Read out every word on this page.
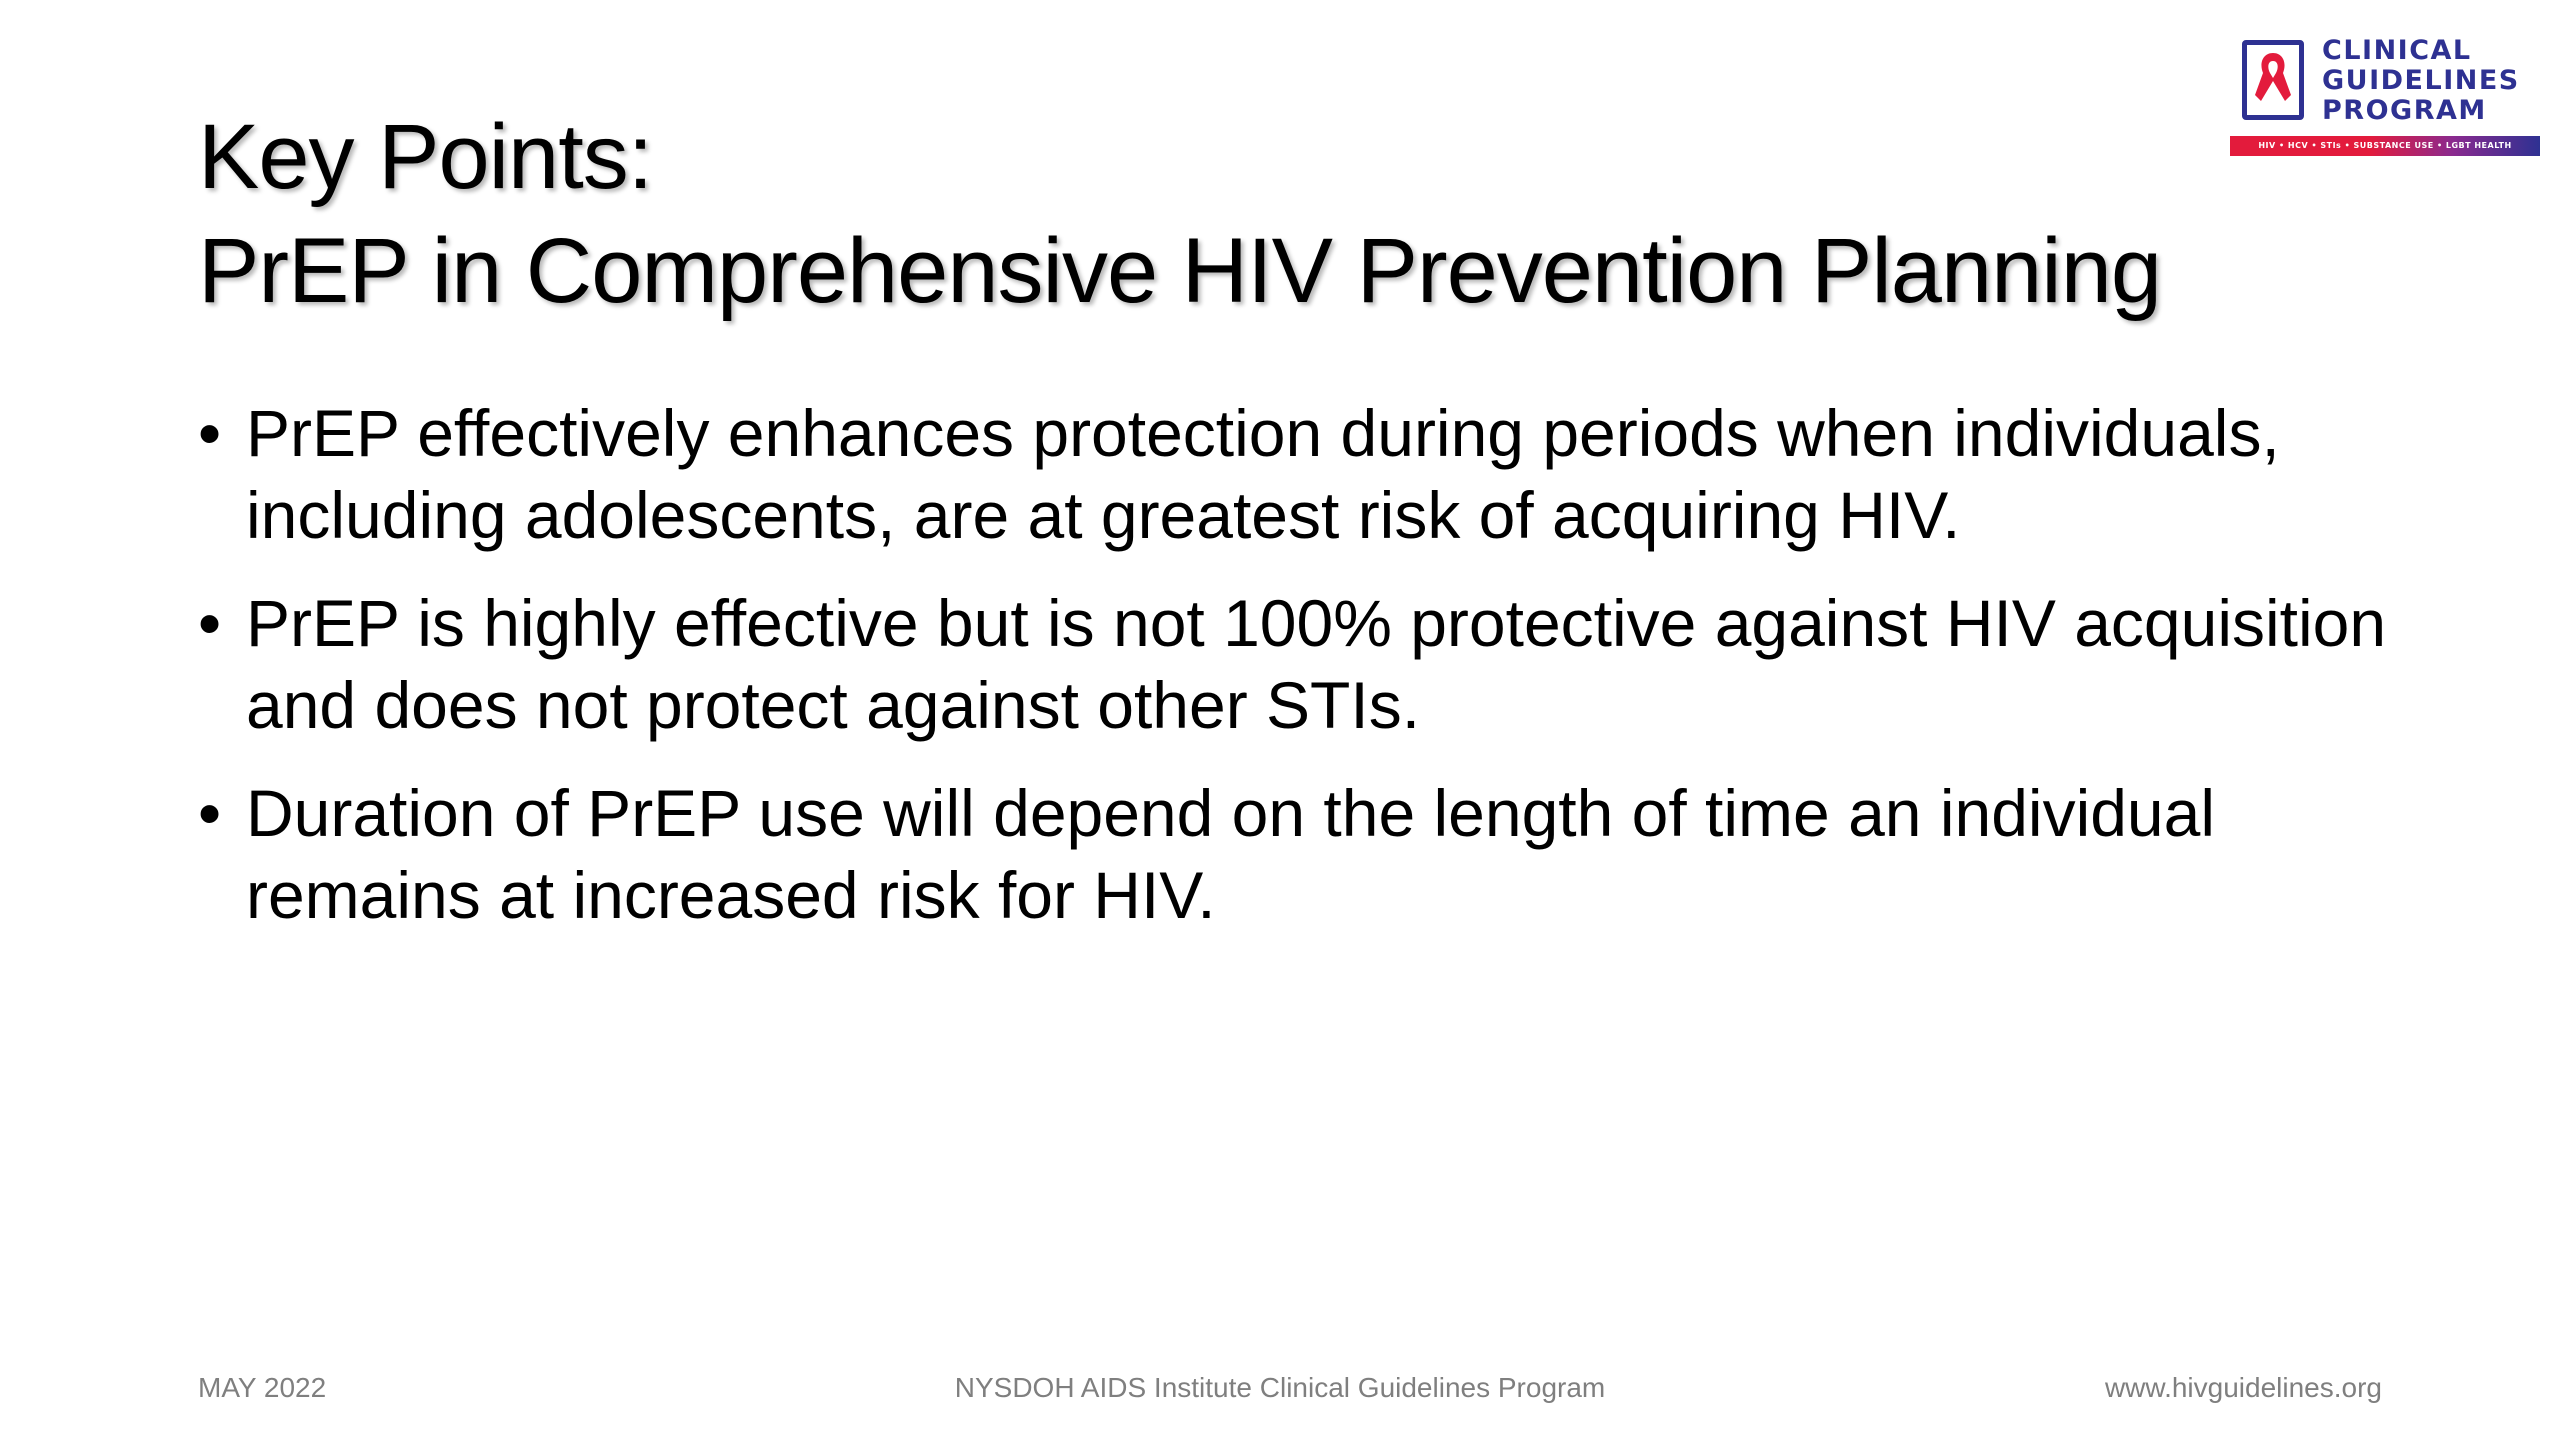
CLINICAL
GUIDELINES
PROGRAM
HIV • HCV • STIs • SUBSTANCE USE • LGBT HEALTH
Key Points:
PrEP in Comprehensive HIV Prevention Planning
• PrEP effectively enhances protection during periods when individuals, including adolescents, are at greatest risk of acquiring HIV.
• PrEP is highly effective but is not 100% protective against HIV acquisition and does not protect against other STIs.
• Duration of PrEP use will depend on the length of time an individual remains at increased risk for HIV.
MAY 2022	NYSDOH AIDS Institute Clinical Guidelines Program	www.hivguidelines.org
